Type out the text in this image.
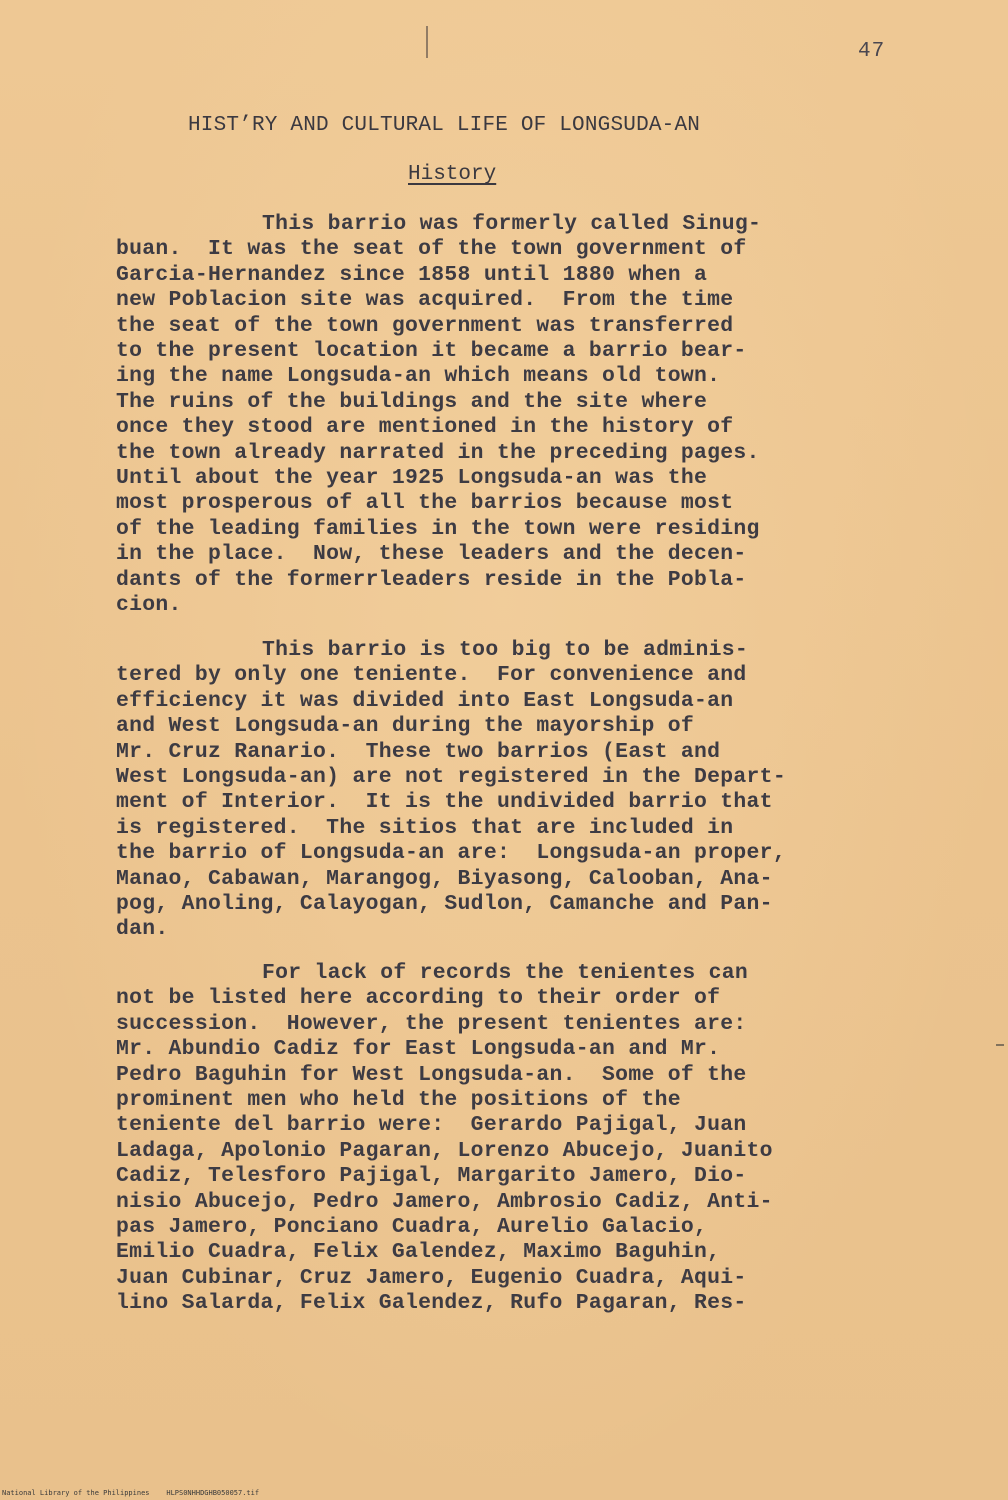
47
HIST’RY AND CULTURAL LIFE OF LONGSUDA-AN
History
This barrio was formerly called Sinug-
buan.  It was the seat of the town government of
Garcia-Hernandez since 1858 until 1880 when a
new Poblacion site was acquired.  From the time
the seat of the town government was transferred
to the present location it became a barrio bear-
ing the name Longsuda-an which means old town.
The ruins of the buildings and the site where
once they stood are mentioned in the history of
the town already narrated in the preceding pages.
Until about the year 1925 Longsuda-an was the
most prosperous of all the barrios because most
of the leading families in the town were residing
in the place.  Now, these leaders and the decen-
dants of the formerrleaders reside in the Pobla-
cion.
This barrio is too big to be adminis-
tered by only one teniente.  For convenience and
efficiency it was divided into East Longsuda-an
and West Longsuda-an during the mayorship of
Mr. Cruz Ranario.  These two barrios (East and
West Longsuda-an) are not registered in the Depart-
ment of Interior.  It is the undivided barrio that
is registered.  The sitios that are included in
the barrio of Longsuda-an are:  Longsuda-an proper,
Manao, Cabawan, Marangog, Biyasong, Calooban, Ana-
pog, Anoling, Calayogan, Sudlon, Camanche and Pan-
dan.
For lack of records the tenientes can
not be listed here according to their order of
succession.  However, the present tenientes are:
Mr. Abundio Cadiz for East Longsuda-an and Mr.
Pedro Baguhin for West Longsuda-an.  Some of the
prominent men who held the positions of the
teniente del barrio were:  Gerardo Pajigal, Juan
Ladaga, Apolonio Pagaran, Lorenzo Abucejo, Juanito
Cadiz, Telesforo Pajigal, Margarito Jamero, Dio-
nisio Abucejo, Pedro Jamero, Ambrosio Cadiz, Anti-
pas Jamero, Ponciano Cuadra, Aurelio Galacio,
Emilio Cuadra, Felix Galendez, Maximo Baguhin,
Juan Cubinar, Cruz Jamero, Eugenio Cuadra, Aqui-
lino Salarda, Felix Galendez, Rufo Pagaran, Res-
National Library of the Philippines    HLPS0NHHDGHB050057.tif
